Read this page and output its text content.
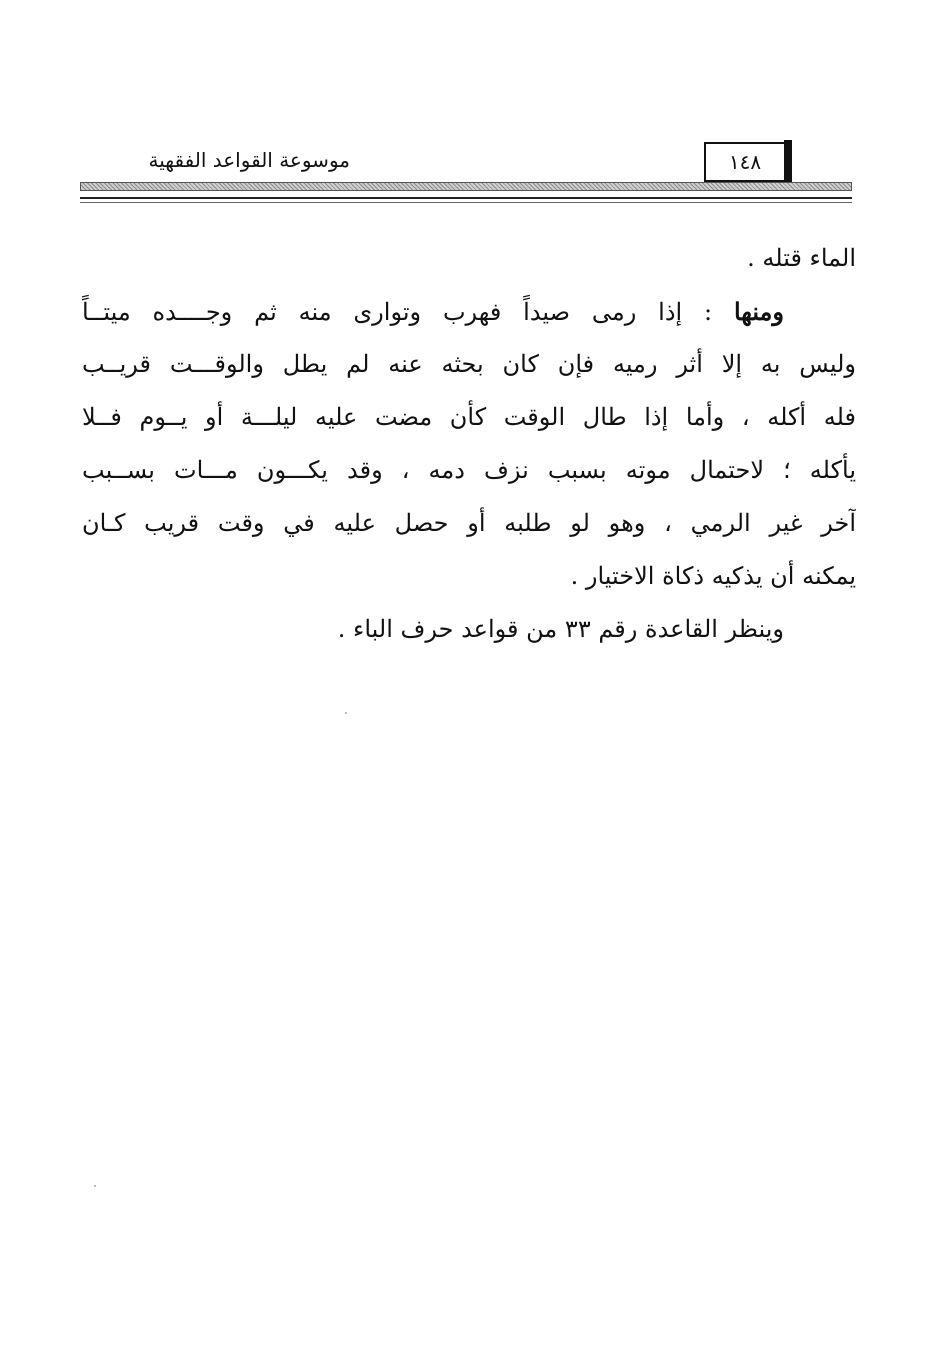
موسوعة القواعد الفقهية	١٤٨
الماء قتله .
ومنها : إذا رمى صيداً فهرب وتوارى منه ثم وجــــده ميتــاً
وليس به إلا أثر رميه فإن كان بحثه عنه لم يطل والوقـــت قريــب
فله أكله ، وأما إذا طال الوقت كأن مضت عليه ليلـــة أو يــوم فــلا
يأكله ؛ لاحتمال موته بسبب نزف دمه ، وقد يكـــون مـــات بســبب
آخر غير الرمي ، وهو لو طلبه أو حصل عليه في وقت قريب كـان
يمكنه أن يذكيه ذكاة الاختيار .
وينظر القاعدة رقم ٣٣ من قواعد حرف الباء .
